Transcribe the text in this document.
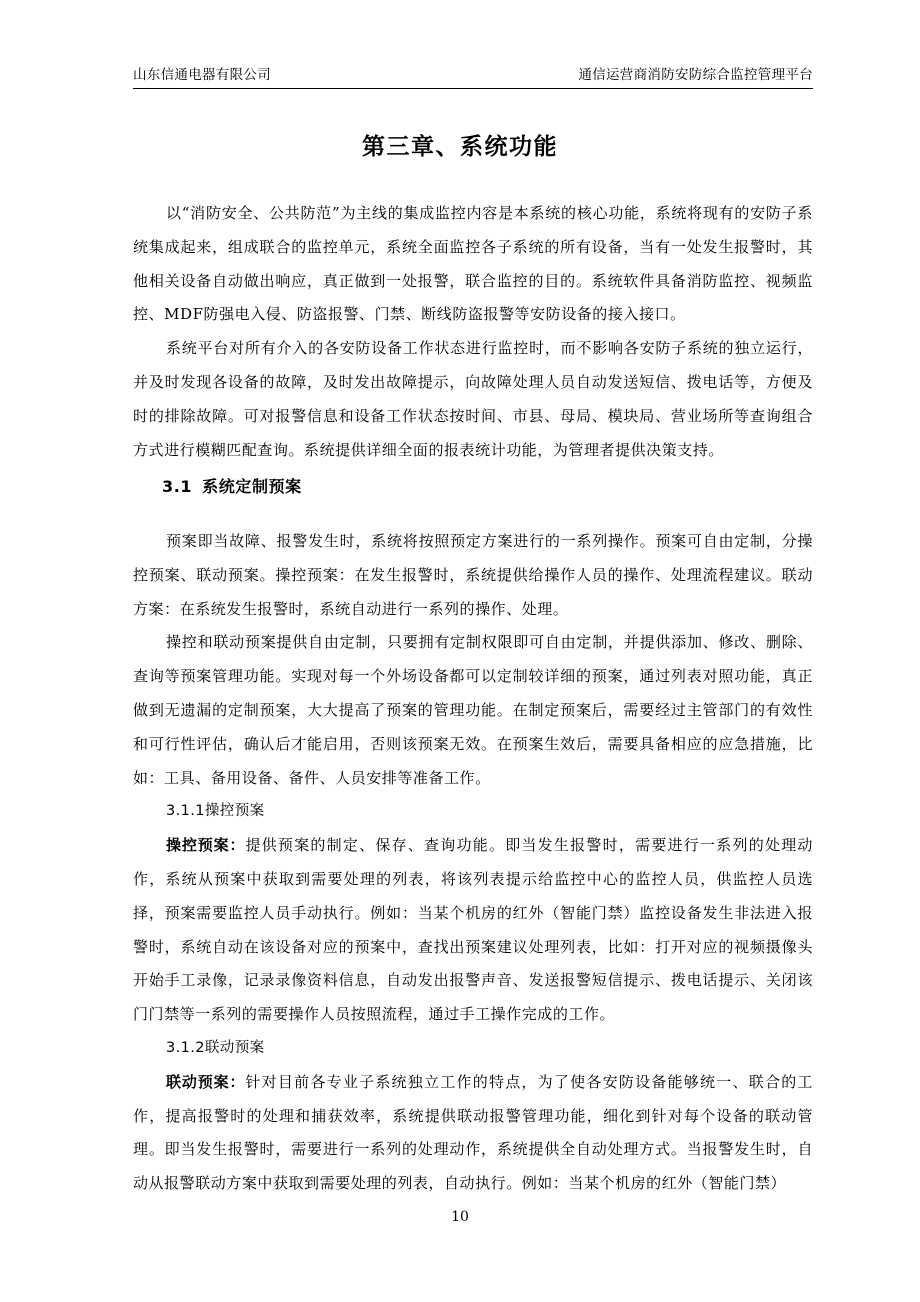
山东信通电器有限公司	通信运营商消防安防综合监控管理平台
第三章、系统功能

以“消防安全、公共防范”为主线的集成监控内容是本系统的核心功能，系统将现有的安防子系统集成起来，组成联合的监控单元，系统全面监控各子系统的所有设备，当有一处发生报警时，其他相关设备自动做出响应，真正做到一处报警，联合监控的目的。系统软件具备消防监控、视频监控、MDF防强电入侵、防盗报警、门禁、断线防盗报警等安防设备的接入接口。

系统平台对所有介入的各安防设备工作状态进行监控时，而不影响各安防子系统的独立运行，并及时发现各设备的故障，及时发出故障提示，向故障处理人员自动发送短信、拨电话等，方便及时的排除故障。可对报警信息和设备工作状态按时间、市县、母局、模块局、营业场所等查询组合方式进行模糊匹配查询。系统提供详细全面的报表统计功能，为管理者提供决策支持。

3.1 系统定制预案

预案即当故障、报警发生时，系统将按照预定方案进行的一系列操作。预案可自由定制，分操控预案、联动预案。操控预案：在发生报警时，系统提供给操作人员的操作、处理流程建议。联动方案：在系统发生报警时，系统自动进行一系列的操作、处理。

操控和联动预案提供自由定制，只要拥有定制权限即可自由定制，并提供添加、修改、删除、查询等预案管理功能。实现对每一个外场设备都可以定制较详细的预案，通过列表对照功能，真正做到无遗漏的定制预案，大大提高了预案的管理功能。在制定预案后，需要经过主管部门的有效性和可行性评估，确认后才能启用，否则该预案无效。在预案生效后，需要具备相应的应急措施，比如：工具、备用设备、备件、人员安排等准备工作。

3.1.1操控预案

操控预案：提供预案的制定、保存、查询功能。即当发生报警时，需要进行一系列的处理动作，系统从预案中获取到需要处理的列表，将该列表提示给监控中心的监控人员，供监控人员选择，预案需要监控人员手动执行。例如：当某个机房的红外（智能门禁）监控设备发生非法进入报警时，系统自动在该设备对应的预案中，查找出预案建议处理列表，比如：打开对应的视频摄像头开始手工录像，记录录像资料信息，自动发出报警声音、发送报警短信提示、拨电话提示、关闭该门门禁等一系列的需要操作人员按照流程，通过手工操作完成的工作。

3.1.2联动预案

联动预案：针对目前各专业子系统独立工作的特点，为了使各安防设备能够统一、联合的工作，提高报警时的处理和捕获效率，系统提供联动报警管理功能，细化到针对每个设备的联动管理。即当发生报警时，需要进行一系列的处理动作，系统提供全自动处理方式。当报警发生时，自动从报警联动方案中获取到需要处理的列表，自动执行。例如：当某个机房的红外（智能门禁）

10
